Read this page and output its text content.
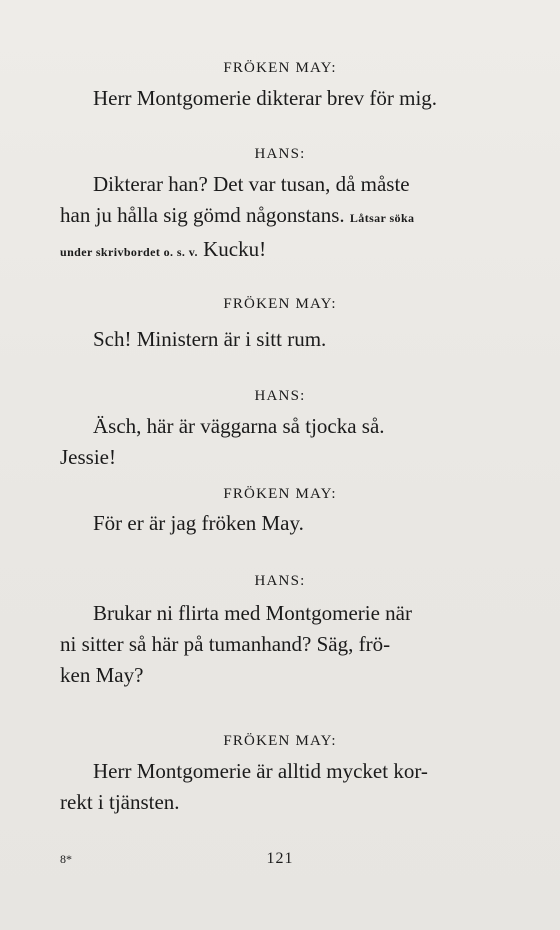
FRÖKEN MAY:
Herr Montgomerie dikterar brev för mig.
HANS:
Dikterar han? Det var tusan, då måste
han ju hålla sig gömd någonstans. Låtsar söka
under skrivbordet o. s. v. Kucku!
FRÖKEN MAY:
Sch! Ministern är i sitt rum.
HANS:
Äsch, här är väggarna så tjocka så.
Jessie!
FRÖKEN MAY:
För er är jag fröken May.
HANS:
Brukar ni flirta med Montgomerie när
ni sitter så här på tumanhand? Säg, frö-
ken May?
FRÖKEN MAY:
Herr Montgomerie är alltid mycket kor-
rekt i tjänsten.
8*	121
